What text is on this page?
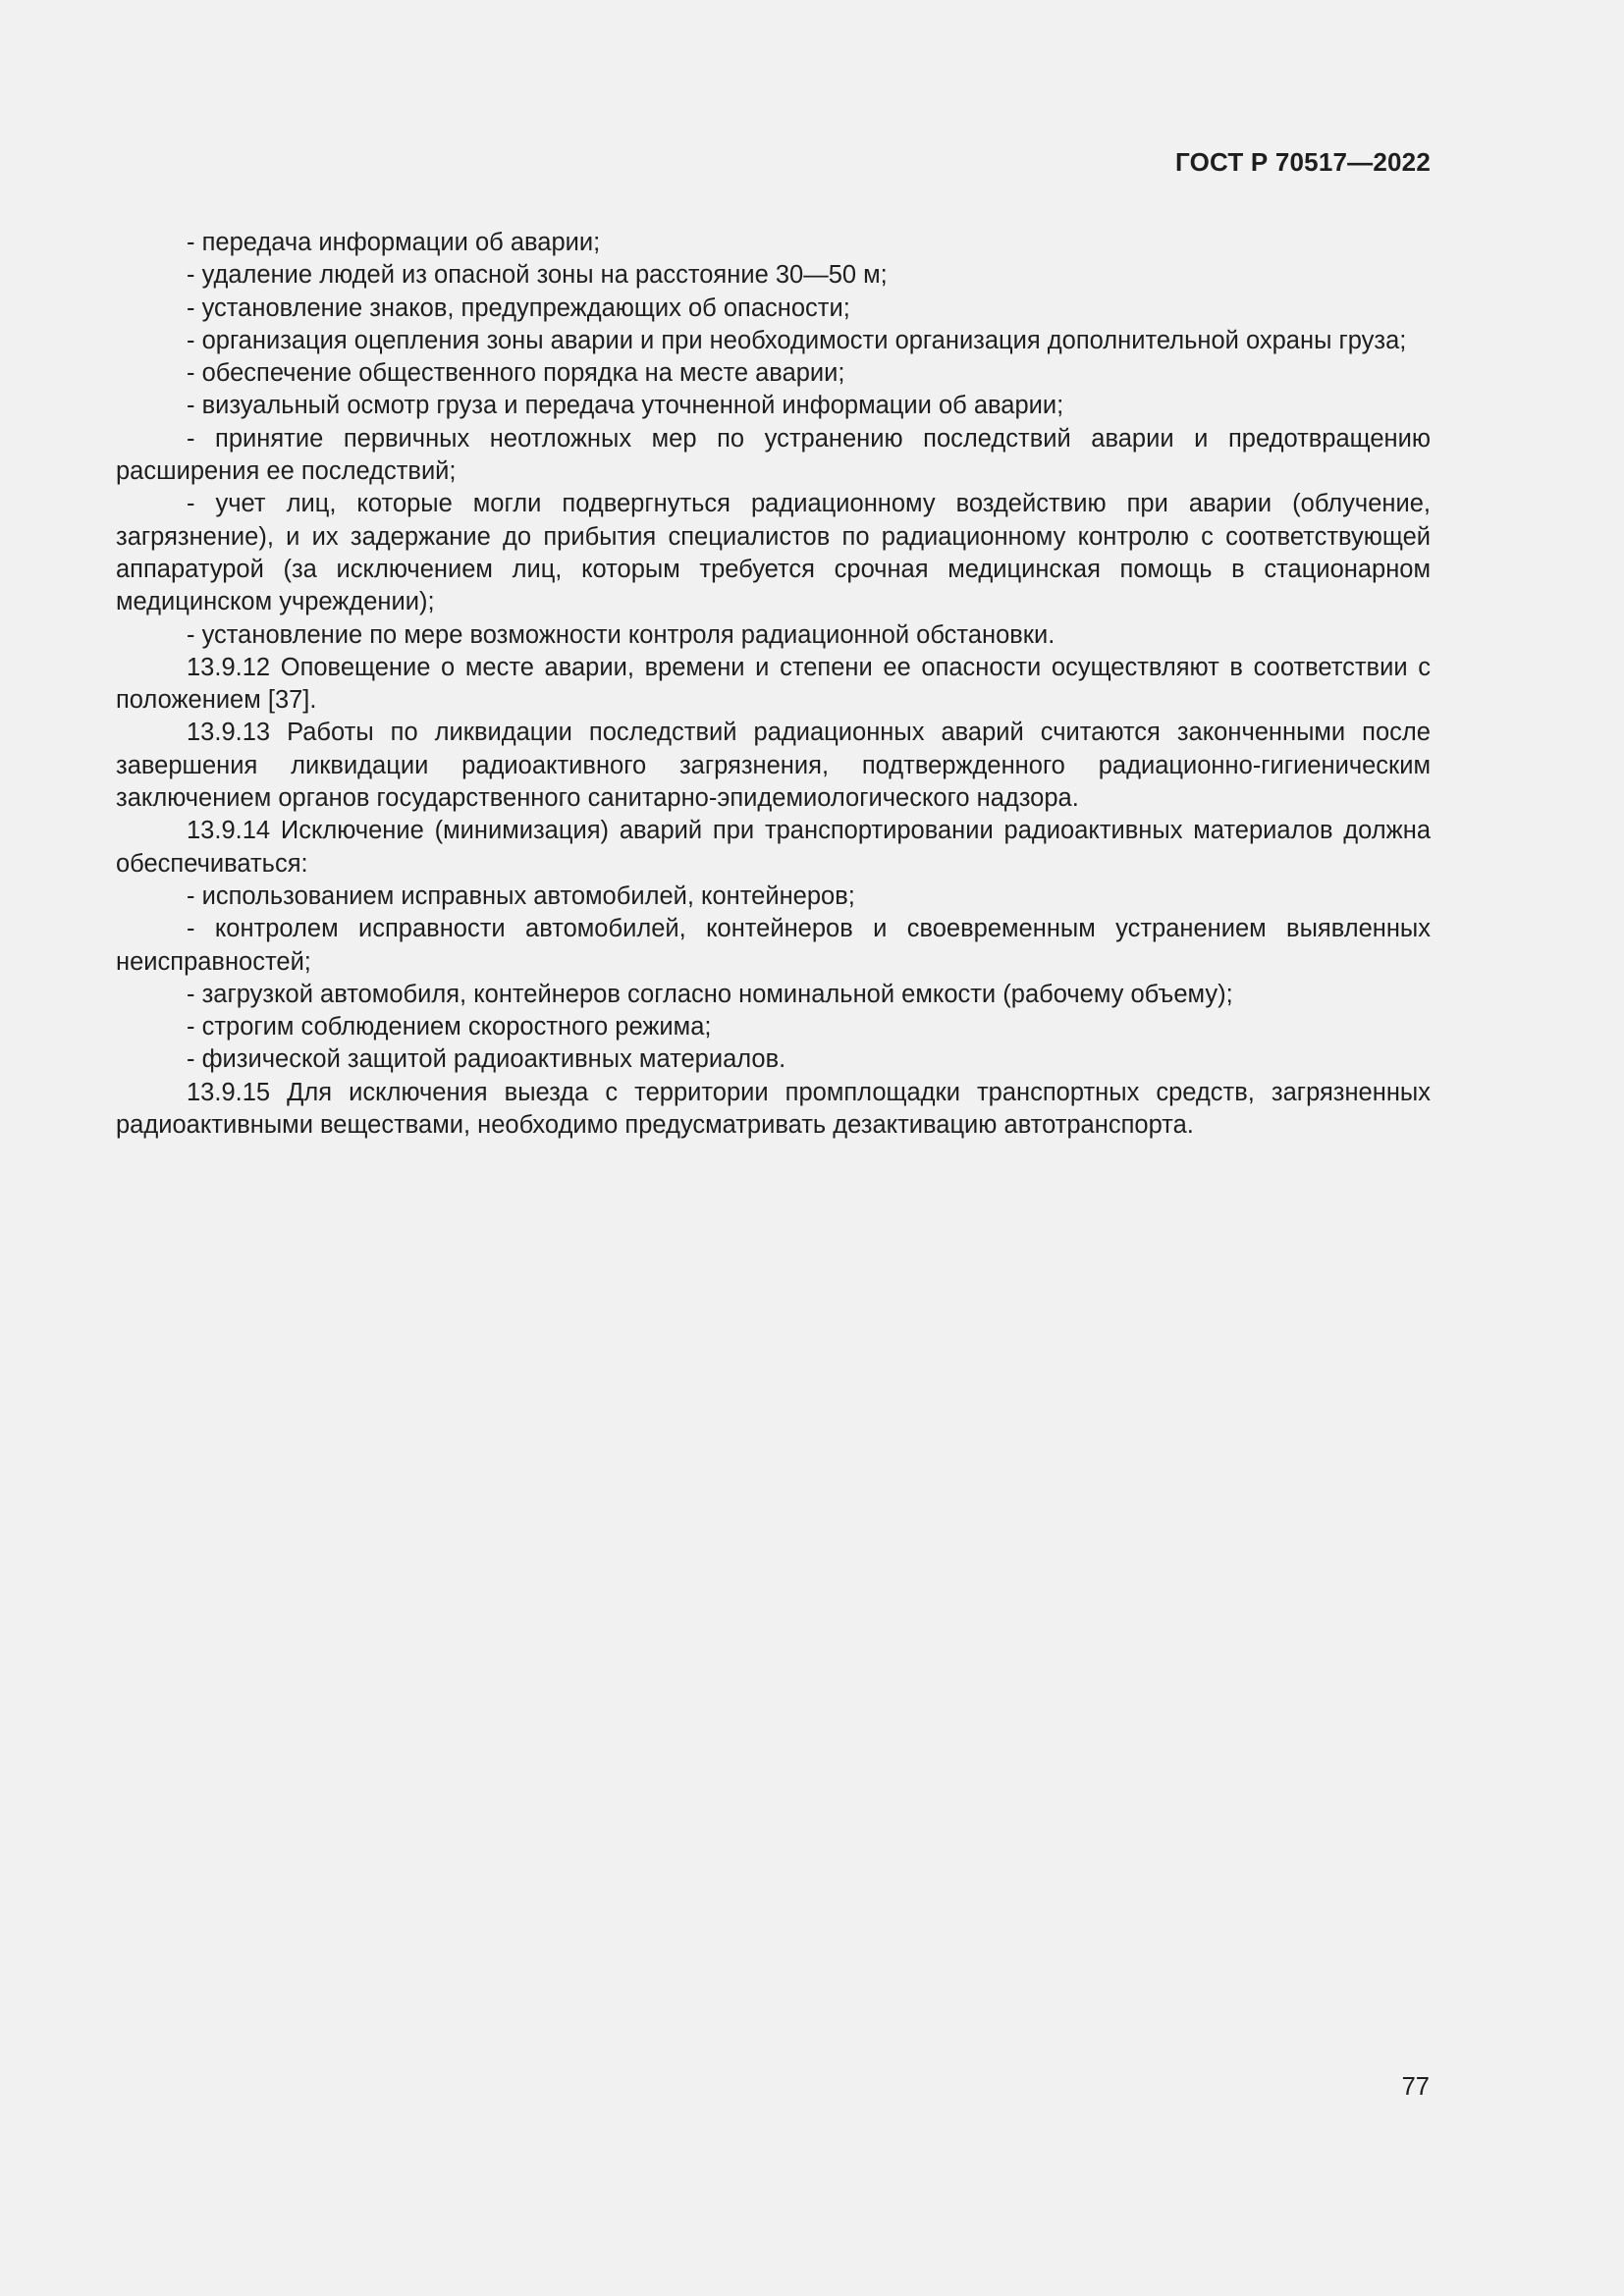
ГОСТ Р 70517—2022

- передача информации об аварии;

- удаление людей из опасной зоны на расстояние 30—50 м;

- установление знаков, предупреждающих об опасности;

- организация оцепления зоны аварии и при необходимости организация дополнительной охраны груза;

- обеспечение общественного порядка на месте аварии;

- визуальный осмотр груза и передача уточненной информации об аварии;

- принятие первичных неотложных мер по устранению последствий аварии и предотвращению расширения ее последствий;

- учет лиц, которые могли подвергнуться радиационному воздействию при аварии (облучение, загрязнение), и их задержание до прибытия специалистов по радиационному контролю с соответствующей аппаратурой (за исключением лиц, которым требуется срочная медицинская помощь в стационарном медицинском учреждении);

- установление по мере возможности контроля радиационной обстановки.

13.9.12 Оповещение о месте аварии, времени и степени ее опасности осуществляют в соответствии с положением [37].

13.9.13 Работы по ликвидации последствий радиационных аварий считаются законченными после завершения ликвидации радиоактивного загрязнения, подтвержденного радиационно-гигиеническим заключением органов государственного санитарно-эпидемиологического надзора.

13.9.14 Исключение (минимизация) аварий при транспортировании радиоактивных материалов должна обеспечиваться:

- использованием исправных автомобилей, контейнеров;

- контролем исправности автомобилей, контейнеров и своевременным устранением выявленных неисправностей;

- загрузкой автомобиля, контейнеров согласно номинальной емкости (рабочему объему);

- строгим соблюдением скоростного режима;

- физической защитой радиоактивных материалов.

13.9.15 Для исключения выезда с территории промплощадки транспортных средств, загрязненных радиоактивными веществами, необходимо предусматривать дезактивацию автотранспорта.

77
